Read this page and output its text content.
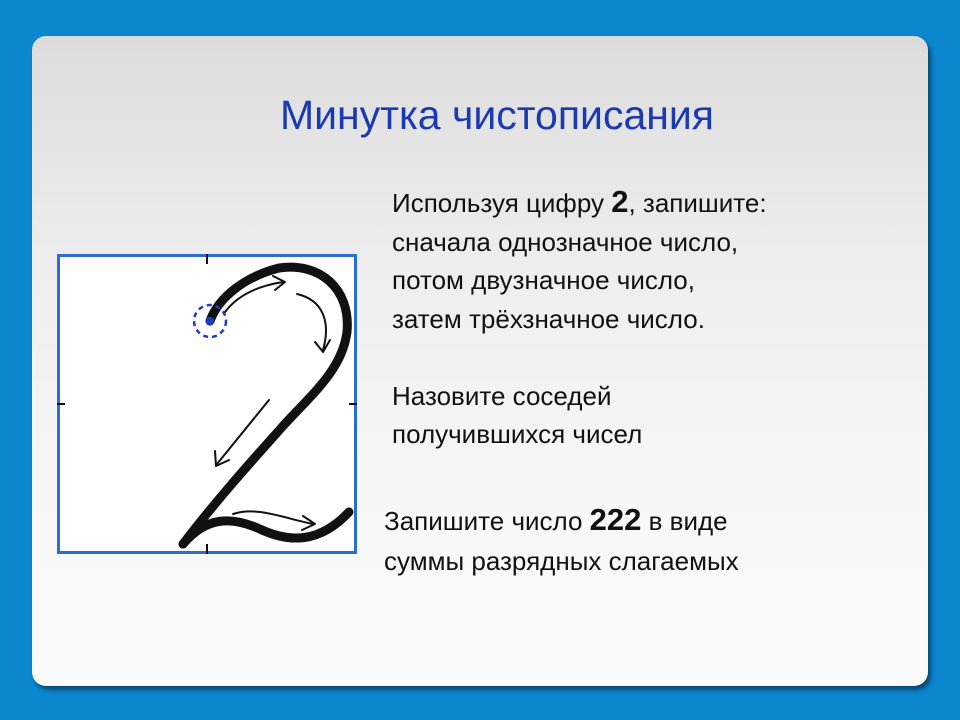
Минутка чистописания
Используя цифру 2, запишите:
сначала однозначное число,
потом двузначное число,
затем трёхзначное число.
Назовите соседей
получившихся чисел
Запишите число 222 в виде
суммы разрядных слагаемых
